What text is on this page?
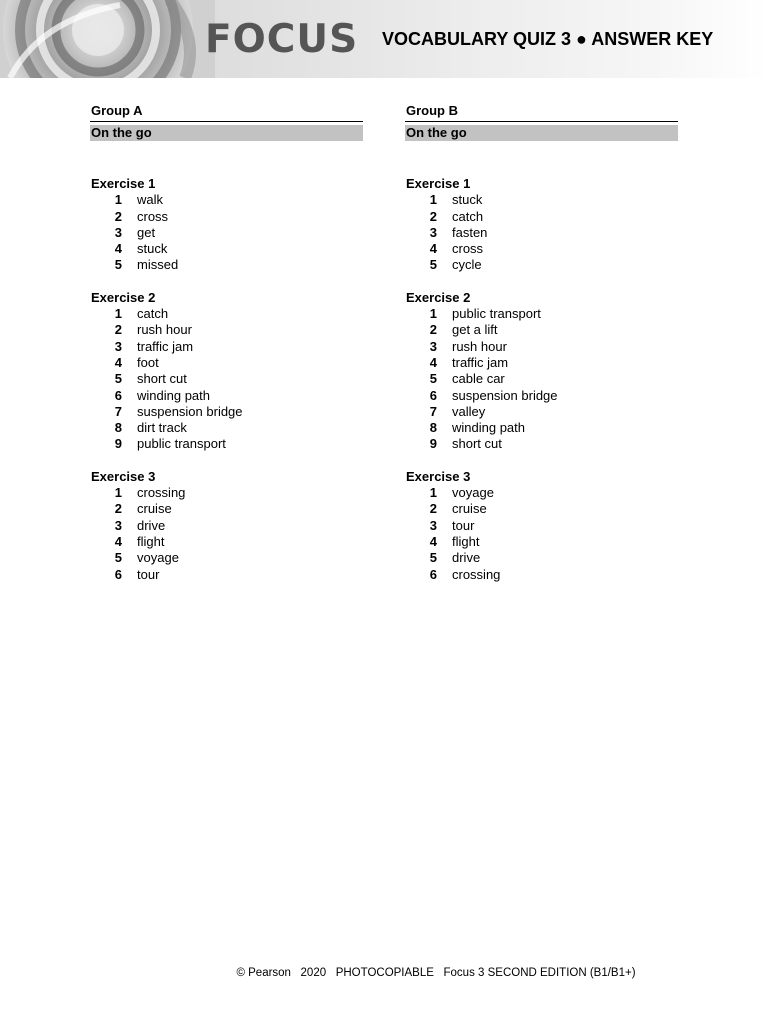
FOCUS VOCABULARY QUIZ 3 ● ANSWER KEY
Group A
On the go
Exercise 1
1	walk
2	cross
3	get
4	stuck
5	missed
Exercise 2
1	catch
2	rush hour
3	traffic jam
4	foot
5	short cut
6	winding path
7	suspension bridge
8	dirt track
9	public transport
Exercise 3
1	crossing
2	cruise
3	drive
4	flight
5	voyage
6	tour
Group B
On the go
Exercise 1
1	stuck
2	catch
3	fasten
4	cross
5	cycle
Exercise 2
1	public transport
2	get a lift
3	rush hour
4	traffic jam
5	cable car
6	suspension bridge
7	valley
8	winding path
9	short cut
Exercise 3
1	voyage
2	cruise
3	tour
4	flight
5	drive
6	crossing
© Pearson   2020   PHOTOCOPIABLE   Focus 3 SECOND EDITION (B1/B1+)
